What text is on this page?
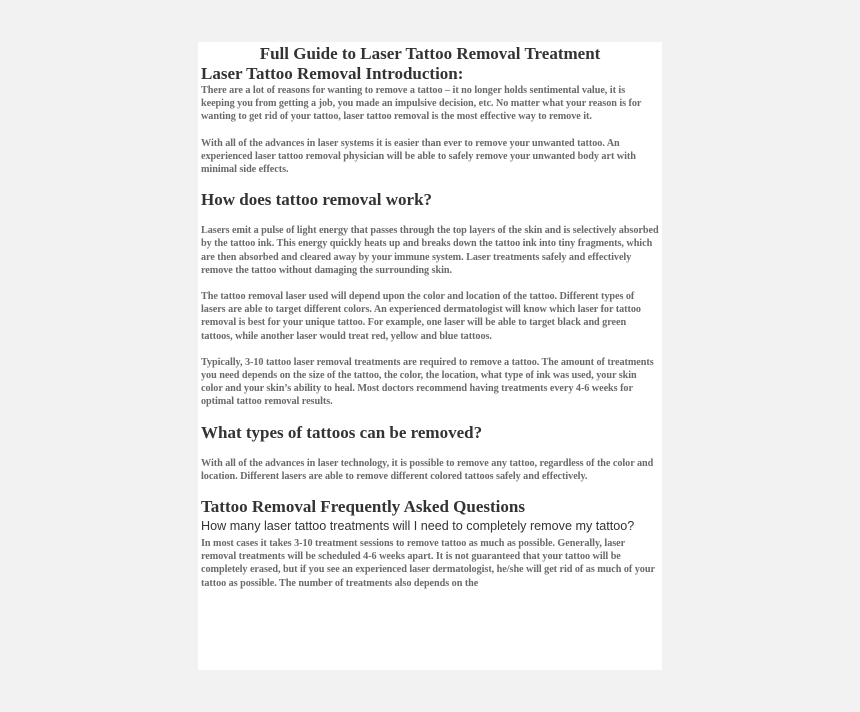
Full Guide to Laser Tattoo Removal Treatment
Laser Tattoo Removal Introduction:

There are a lot of reasons for wanting to remove a tattoo – it no longer holds sentimental value, it is keeping you from getting a job, you made an impulsive decision, etc. No matter what your reason is for wanting to get rid of your tattoo, laser tattoo removal is the most effective way to remove it.

With all of the advances in laser systems it is easier than ever to remove your unwanted tattoo. An experienced laser tattoo removal physician will be able to safely remove your unwanted body art with minimal side effects.

How does tattoo removal work?

Lasers emit a pulse of light energy that passes through the top layers of the skin and is selectively absorbed by the tattoo ink. This energy quickly heats up and breaks down the tattoo ink into tiny fragments, which are then absorbed and cleared away by your immune system. Laser treatments safely and effectively remove the tattoo without damaging the surrounding skin.

The tattoo removal laser used will depend upon the color and location of the tattoo. Different types of lasers are able to target different colors. An experienced dermatologist will know which laser for tattoo removal is best for your unique tattoo. For example, one laser will be able to target black and green tattoos, while another laser would treat red, yellow and blue tattoos.

Typically, 3-10 tattoo laser removal treatments are required to remove a tattoo. The amount of treatments you need depends on the size of the tattoo, the color, the location, what type of ink was used, your skin color and your skin’s ability to heal. Most doctors recommend having treatments every 4-6 weeks for optimal tattoo removal results.

What types of tattoos can be removed?

With all of the advances in laser technology, it is possible to remove any tattoo, regardless of the color and location. Different lasers are able to remove different colored tattoos safely and effectively.

Tattoo Removal Frequently Asked Questions
How many laser tattoo treatments will I need to completely remove my tattoo?

In most cases it takes 3-10 treatment sessions to remove tattoo as much as possible. Generally, laser removal treatments will be scheduled 4-6 weeks apart. It is not guaranteed that your tattoo will be completely erased, but if you see an experienced laser dermatologist, he/she will get rid of as much of your tattoo as possible. The number of treatments also depends on the
